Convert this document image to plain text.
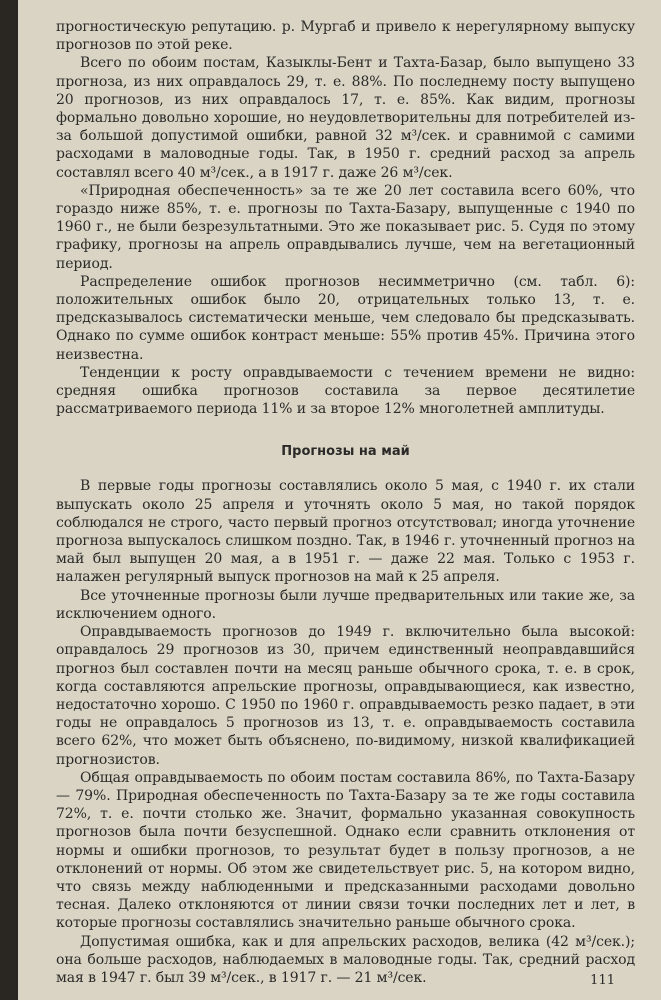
прогностическую репутацию. р. Мургаб и привело к нерегулярному выпуску прогнозов по этой реке.

Всего по обоим постам, Казыклы-Бент и Тахта-Базар, было выпущено 33 прогноза, из них оправдалось 29, т. е. 88%. По последнему посту выпущено 20 прогнозов, из них оправдалось 17, т. е. 85%. Как видим, прогнозы формально довольно хорошие, но неудовлетворительны для потребителей из-за большой допустимой ошибки, равной 32 м³/сек. и сравнимой с самими расходами в маловодные годы. Так, в 1950 г. средний расход за апрель составлял всего 40 м³/сек., а в 1917 г. даже 26 м³/сек.

«Природная обеспеченность» за те же 20 лет составила всего 60%, что гораздо ниже 85%, т. е. прогнозы по Тахта-Базару, выпущенные с 1940 по 1960 г., не были безрезультатными. Это же показывает рис. 5. Судя по этому графику, прогнозы на апрель оправдывались лучше, чем на вегетационный период.

Распределение ошибок прогнозов несимметрично (см. табл. 6): положительных ошибок было 20, отрицательных только 13, т. е. предсказывалось систематически меньше, чем следовало бы предсказывать. Однако по сумме ошибок контраст меньше: 55% против 45%. Причина этого неизвестна.

Тенденции к росту оправдываемости с течением времени не видно: средняя ошибка прогнозов составила за первое десятилетие рассматриваемого периода 11% и за второе 12% многолетней амплитуды.

Прогнозы на май

В первые годы прогнозы составлялись около 5 мая, с 1940 г. их стали выпускать около 25 апреля и уточнять около 5 мая, но такой порядок соблюдался не строго, часто первый прогноз отсутствовал; иногда уточнение прогноза выпускалось слишком поздно. Так, в 1946 г. уточненный прогноз на май был выпущен 20 мая, а в 1951 г. — даже 22 мая. Только с 1953 г. налажен регулярный выпуск прогнозов на май к 25 апреля.

Все уточненные прогнозы были лучше предварительных или такие же, за исключением одного.

Оправдываемость прогнозов до 1949 г. включительно была высокой: оправдалось 29 прогнозов из 30, причем единственный неоправдавшийся прогноз был составлен почти на месяц раньше обычного срока, т. е. в срок, когда составляются апрельские прогнозы, оправдывающиеся, как известно, недостаточно хорошо. С 1950 по 1960 г. оправдываемость резко падает, в эти годы не оправдалось 5 прогнозов из 13, т. е. оправдываемость составила всего 62%, что может быть объяснено, по-видимому, низкой квалификацией прогнозистов.

Общая оправдываемость по обоим постам составила 86%, по Тахта-Базару — 79%. Природная обеспеченность по Тахта-Базару за те же годы составила 72%, т. е. почти столько же. Значит, формально указанная совокупность прогнозов была почти безуспешной. Однако если сравнить отклонения от нормы и ошибки прогнозов, то результат будет в пользу прогнозов, а не отклонений от нормы. Об этом же свидетельствует рис. 5, на котором видно, что связь между наблюденными и предсказанными расходами довольно тесная. Далеко отклоняются от линии связи точки последних лет и лет, в которые прогнозы составлялись значительно раньше обычного срока.

Допустимая ошибка, как и для апрельских расходов, велика (42 м³/сек.); она больше расходов, наблюдаемых в маловодные годы. Так, средний расход мая в 1947 г. был 39 м³/сек., в 1917 г. — 21 м³/сек.	111
